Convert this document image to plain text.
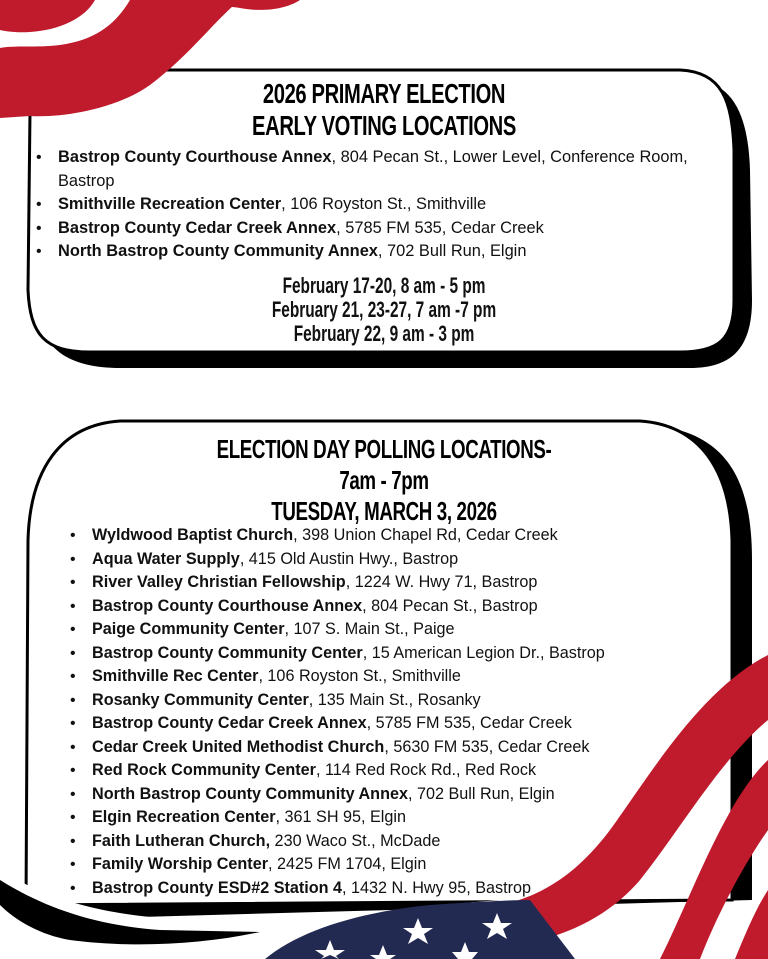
2026 PRIMARY ELECTION
EARLY VOTING LOCATIONS
• Bastrop County Courthouse Annex, 804 Pecan St., Lower Level, Conference Room, Bastrop
• Smithville Recreation Center, 106 Royston St., Smithville
• Bastrop County Cedar Creek Annex, 5785 FM 535, Cedar Creek
• North Bastrop County Community Annex, 702 Bull Run, Elgin
February 17-20, 8 am - 5 pm
February 21, 23-27, 7 am -7 pm
February 22, 9 am - 3 pm
ELECTION DAY POLLING LOCATIONS-
7am - 7pm
TUESDAY, MARCH 3, 2026
• Wyldwood Baptist Church, 398 Union Chapel Rd, Cedar Creek
• Aqua Water Supply, 415 Old Austin Hwy., Bastrop
• River Valley Christian Fellowship, 1224 W. Hwy 71, Bastrop
• Bastrop County Courthouse Annex, 804 Pecan St., Bastrop
• Paige Community Center, 107 S. Main St., Paige
• Bastrop County Community Center, 15 American Legion Dr., Bastrop
• Smithville Rec Center, 106 Royston St., Smithville
• Rosanky Community Center, 135 Main St., Rosanky
• Bastrop County Cedar Creek Annex, 5785 FM 535, Cedar Creek
• Cedar Creek United Methodist Church, 5630 FM 535, Cedar Creek
• Red Rock Community Center, 114 Red Rock Rd., Red Rock
• North Bastrop County Community Annex, 702 Bull Run, Elgin
• Elgin Recreation Center, 361 SH 95, Elgin
• Faith Lutheran Church, 230 Waco St., McDade
• Family Worship Center, 2425 FM 1704, Elgin
• Bastrop County ESD#2 Station 4, 1432 N. Hwy 95, Bastrop
